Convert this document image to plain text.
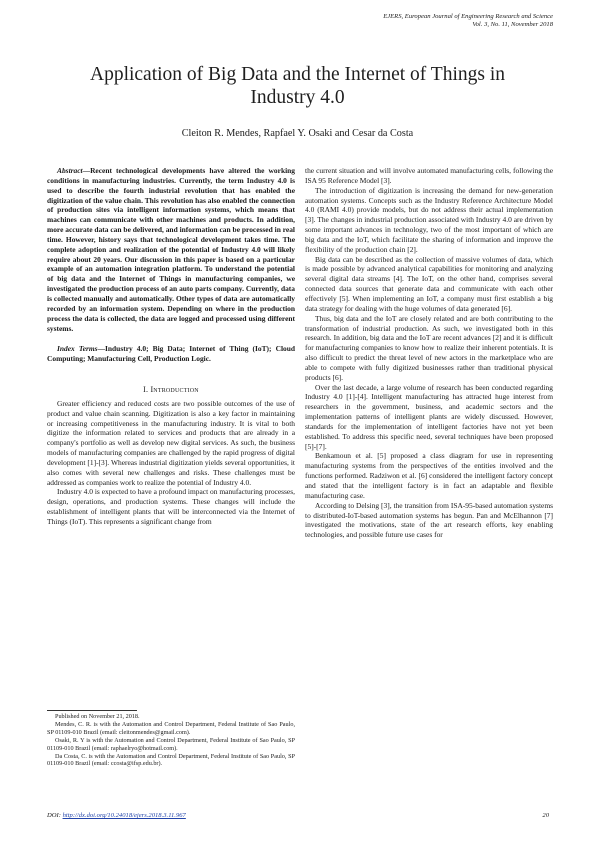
EJERS, European Journal of Engineering Research and Science
Vol. 3, No. 11, November 2018
Application of Big Data and the Internet of Things in Industry 4.0
Cleiton R. Mendes, Rapfael Y. Osaki and Cesar da Costa

Abstract—Recent technological developments have altered the working conditions in manufacturing industries. Currently, the term Industry 4.0 is used to describe the fourth industrial revolution that has enabled the digitization of the value chain. This revolution has also enabled the connection of production sites via intelligent information systems, which means that machines can communicate with other machines and products. In addition, more accurate data can be delivered, and information can be processed in real time. However, history says that technological development takes time. The complete adoption and realization of the potential of Industry 4.0 will likely require about 20 years. Our discussion in this paper is based on a particular example of an automation integration platform. To understand the potential of big data and the Internet of Things in manufacturing companies, we investigated the production process of an auto parts company. Currently, data is collected manually and automatically. Other types of data are automatically recorded by an information system. Depending on where in the production process the data is collected, the data are logged and processed using different systems.

Index Terms—Industry 4.0; Big Data; Internet of Thing (IoT); Cloud Computing; Manufacturing Cell, Production Logic.

I. Introduction

Greater efficiency and reduced costs are two possible outcomes of the use of product and value chain scanning. Digitization is also a key factor in maintaining or increasing competitiveness in the manufacturing industry. It is vital to both digitize the information related to services and products that are already in a company's portfolio as well as develop new digital services. As such, the business models of manufacturing companies are challenged by the rapid progress of digital development [1]-[3]. Whereas industrial digitization yields several opportunities, it also comes with several new challenges and risks. These challenges must be addressed as companies work to realize the potential of Industry 4.0.

Industry 4.0 is expected to have a profound impact on manufacturing processes, design, operations, and production systems. These changes will include the establishment of intelligent plants that will be interconnected via the Internet of Things (IoT). This represents a significant change from

Published on November 21, 2018.

Mendes, C. R. is with the Automation and Control Department, Federal Institute of Sao Paulo, SP 01109-010 Brazil (email: cleitonmendes@gmail.com).

Osaki, R. Y is with the Automation and Control Department, Federal Institute of Sao Paulo, SP 01109-010 Brazil (email: raphaelryo@hotmail.com).

Da Costa, C. is with the Automation and Control Department, Federal Institute of Sao Paulo, SP 01109-010 Brazil (email: ccosta@ifsp.edu.br).

the current situation and will involve automated manufacturing cells, following the ISA 95 Reference Model [3].

The introduction of digitization is increasing the demand for new-generation automation systems. Concepts such as the Industry Reference Architecture Model 4.0 (RAMI 4.0) provide models, but do not address their actual implementation [3]. The changes in industrial production associated with Industry 4.0 are driven by some important advances in technology, two of the most important of which are big data and the IoT, which facilitate the sharing of information and improve the flexibility of the production chain [2].

Big data can be described as the collection of massive volumes of data, which is made possible by advanced analytical capabilities for monitoring and analyzing several digital data streams [4]. The IoT, on the other hand, comprises several connected data sources that generate data and communicate with each other effectively [5]. When implementing an IoT, a company must first establish a big data strategy for dealing with the huge volumes of data generated [6].

Thus, big data and the IoT are closely related and are both contributing to the transformation of industrial production. As such, we investigated both in this research. In addition, big data and the IoT are recent advances [2] and it is difficult for manufacturing companies to know how to realize their inherent potentials. It is also difficult to predict the threat level of new actors in the marketplace who are able to compete with fully digitized businesses rather than traditional physical products [6].

Over the last decade, a large volume of research has been conducted regarding Industry 4.0 [1]-[4]. Intelligent manufacturing has attracted huge interest from researchers in the government, business, and academic sectors and the implementation patterns of intelligent plants are widely discussed. However, standards for the implementation of intelligent factories have not yet been established. To address this specific need, several techniques have been proposed [5]-[7].

Benkamoun et al. [5] proposed a class diagram for use in representing manufacturing systems from the perspectives of the entities involved and the functions performed. Radziwon et al. [6] considered the intelligent factory concept and stated that the intelligent factory is in fact an adaptable and flexible manufacturing case.

According to Delsing [3], the transition from ISA-95-based automation systems to distributed-IoT-based automation systems has begun. Pan and McElhannon [7] investigated the motivations, state of the art research efforts, key enabling technologies, and possible future use cases for

DOI: http://dx.doi.org/10.24018/ejers.2018.3.11.967	20
